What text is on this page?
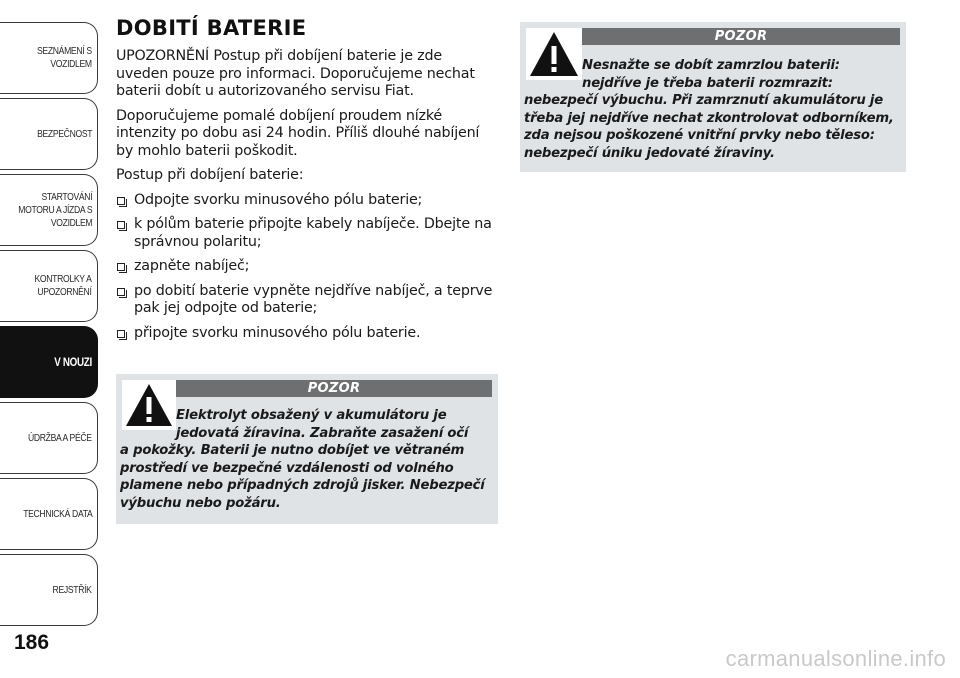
SEZNÁMENÍ S
VOZIDLEM
BEZPEČNOST
STARTOVÁNÍ
MOTORU A JÍZDA S
VOZIDLEM
KONTROLKY A
UPOZORNĚNÍ
V NOUZI
ÚDRŽBA A PÉČE
TECHNICKÁ DATA
REJSTŘÍK
186
DOBITÍ BATERIE

UPOZORNĚNÍ Postup při dobíjení baterie je zde uveden pouze pro informaci. Doporučujeme nechat baterii dobít u autorizovaného servisu Fiat.

Doporučujeme pomalé dobíjení proudem nízké intenzity po dobu asi 24 hodin. Příliš dlouhé nabíjení by mohlo baterii poškodit.

Postup při dobíjení baterie:

Odpojte svorku minusového pólu baterie;
k pólům baterie připojte kabely nabíječe. Dbejte na správnou polaritu;
zapněte nabíječ;
po dobití baterie vypněte nejdříve nabíječ, a teprve pak jej odpojte od baterie;
připojte svorku minusového pólu baterie.
POZOR
Elektrolyt obsažený v akumulátoru je
jedovatá žíravina. Zabraňte zasažení očí
a pokožky. Baterii je nutno dobíjet ve větraném prostředí ve bezpečné vzdálenosti od volného plamene nebo případných zdrojů jisker. Nebezpečí výbuchu nebo požáru.
POZOR
Nesnažte se dobít zamrzlou baterii:
nejdříve je třeba baterii rozmrazit:
nebezpečí výbuchu. Při zamrznutí akumulátoru je třeba jej nejdříve nechat zkontrolovat odborníkem, zda nejsou poškozené vnitřní prvky nebo těleso: nebezpečí úniku jedovaté žíraviny.
carmanualsonline.info
